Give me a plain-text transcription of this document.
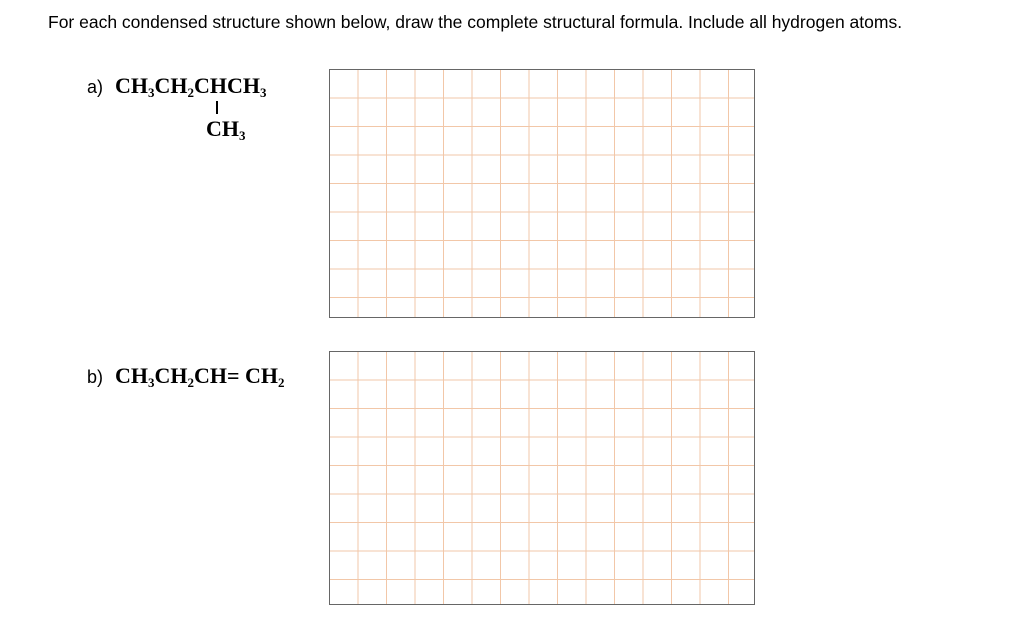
For each condensed structure shown below, draw the complete structural formula. Include all hydrogen atoms.
a) $CH_3CH_2CHCH_3$
$CH_3$
b) $CH_3CH_2CH= CH_2$
